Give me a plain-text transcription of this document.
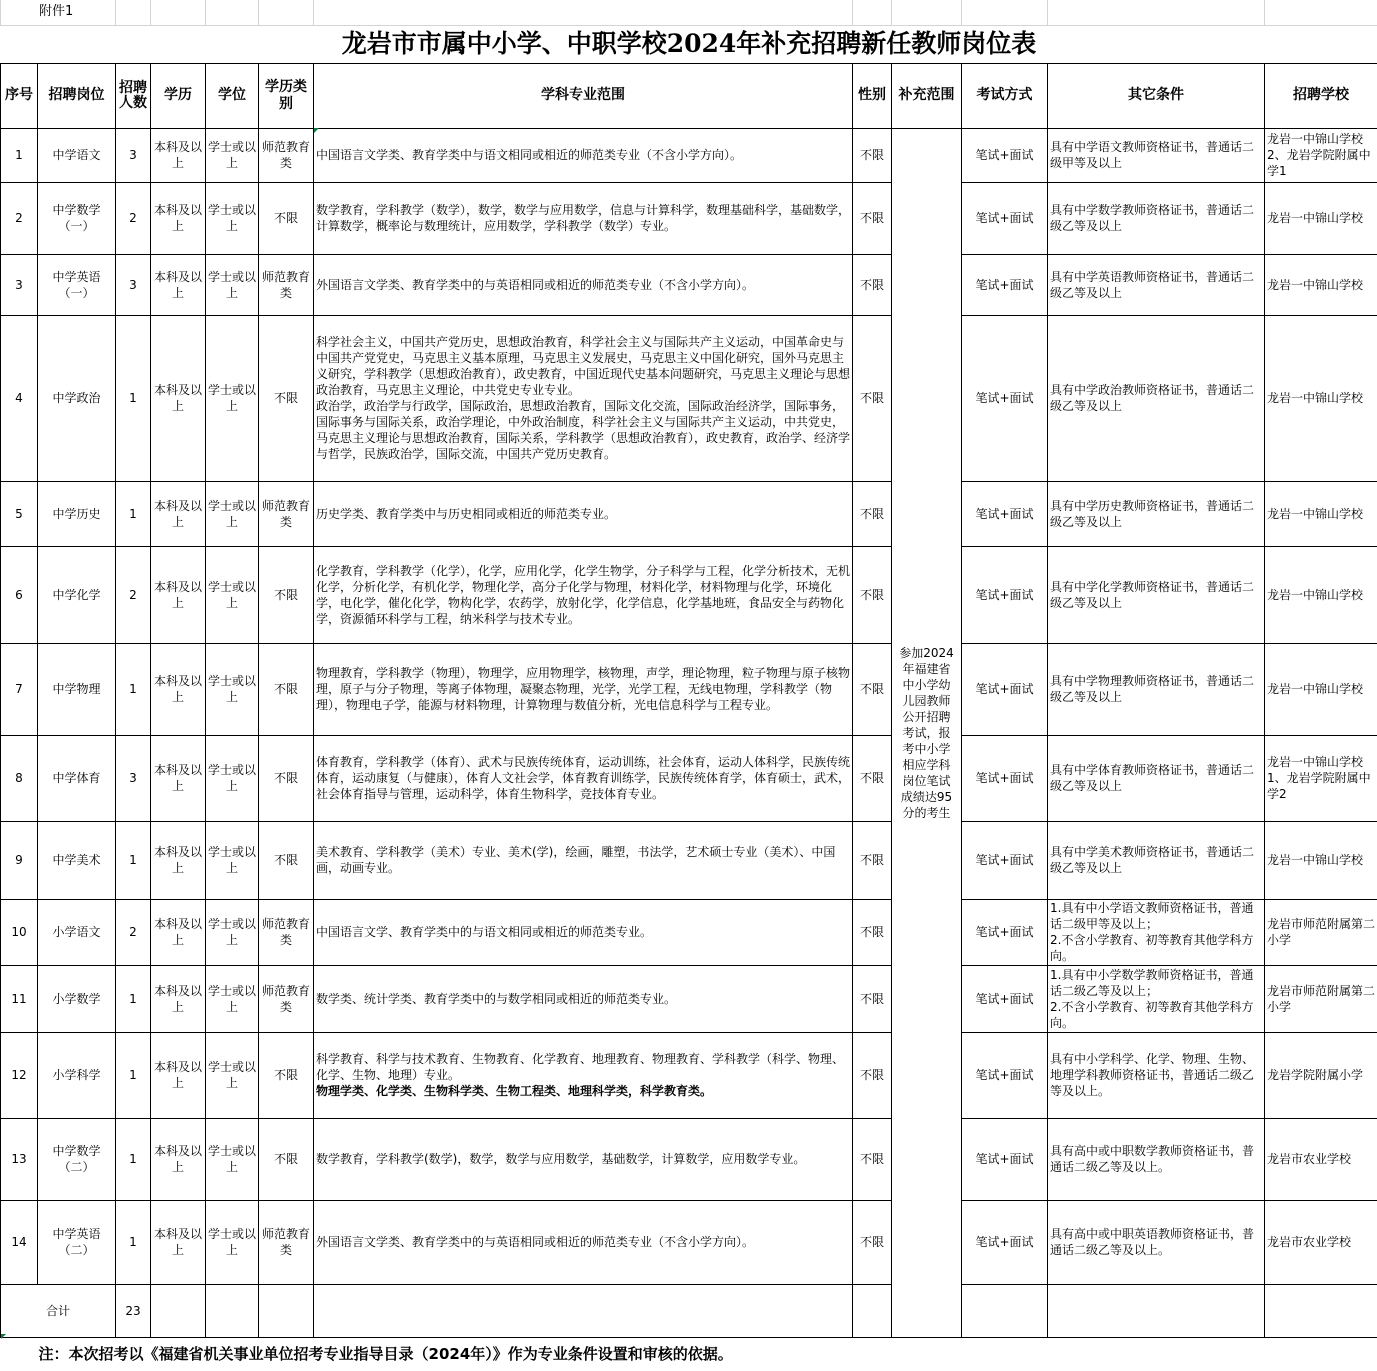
附件1											
龙岩市市属中小学、中职学校2024年补充招聘新任教师岗位表											
序号	招聘岗位	招聘人数	学历	学位	学历类别	学科专业范围	性别	补充范围	考试方式	其它条件	招聘学校
1	中学语文	3	本科及以上	学士或以上	师范教育类	中国语言文学类、教育学类中与语文相同或相近的师范类专业（不含小学方向）。	不限	参加2024年福建省中小学幼儿园教师公开招聘考试，报考中小学相应学科岗位笔试成绩达95分的考生	笔试+面试	具有中学语文教师资格证书，普通话二级甲等及以上	龙岩一中锦山学校2、龙岩学院附属中学1
2	中学数学（一）	2	本科及以上	学士或以上	不限	数学教育，学科教学（数学），数学，数学与应用数学，信息与计算科学，数理基础科学，基础数学，计算数学，概率论与数理统计，应用数学，学科教学（数学）专业。	不限		笔试+面试	具有中学数学教师资格证书，普通话二级乙等及以上	龙岩一中锦山学校
3	中学英语（一）	3	本科及以上	学士或以上	师范教育类	外国语言文学类、教育学类中的与英语相同或相近的师范类专业（不含小学方向）。	不限		笔试+面试	具有中学英语教师资格证书，普通话二级乙等及以上	龙岩一中锦山学校
4	中学政治	1	本科及以上	学士或以上	不限	科学社会主义，中国共产党历史，思想政治教育，科学社会主义与国际共产主义运动，中国革命史与中国共产党党史，马克思主义基本原理，马克思主义发展史，马克思主义中国化研究，国外马克思主义研究，学科教学（思想政治教育），政史教育，中国近现代史基本问题研究，马克思主义理论与思想政治教育，马克思主义理论，中共党史专业专业。
政治学，政治学与行政学，国际政治，思想政治教育，国际文化交流，国际政治经济学，国际事务，国际事务与国际关系，政治学理论，中外政治制度，科学社会主义与国际共产主义运动，中共党史，马克思主义理论与思想政治教育，国际关系，学科教学（思想政治教育），政史教育，政治学、经济学与哲学，民族政治学，国际交流，中国共产党历史教育。	不限		笔试+面试	具有中学政治教师资格证书，普通话二级乙等及以上	龙岩一中锦山学校
5	中学历史	1	本科及以上	学士或以上	师范教育类	历史学类、教育学类中与历史相同或相近的师范类专业。	不限		笔试+面试	具有中学历史教师资格证书，普通话二级乙等及以上	龙岩一中锦山学校
6	中学化学	2	本科及以上	学士或以上	不限	化学教育，学科教学（化学），化学，应用化学，化学生物学，分子科学与工程，化学分析技术，无机化学，分析化学，有机化学，物理化学，高分子化学与物理，材料化学，材料物理与化学，环境化学，电化学，催化化学，物构化学，农药学，放射化学，化学信息，化学基地班，食品安全与药物化学，资源循环科学与工程，纳米科学与技术专业。	不限		笔试+面试	具有中学化学教师资格证书，普通话二级乙等及以上	龙岩一中锦山学校
7	中学物理	1	本科及以上	学士或以上	不限	物理教育，学科教学（物理），物理学，应用物理学，核物理，声学，理论物理，粒子物理与原子核物理，原子与分子物理，等离子体物理，凝聚态物理，光学，光学工程，无线电物理，学科教学（物理），物理电子学，能源与材料物理，计算物理与数值分析，光电信息科学与工程专业。	不限		笔试+面试	具有中学物理教师资格证书，普通话二级乙等及以上	龙岩一中锦山学校
8	中学体育	3	本科及以上	学士或以上	不限	体育教育，学科教学（体育）、武术与民族传统体育，运动训练，社会体育，运动人体科学，民族传统体育，运动康复（与健康），体育人文社会学，体育教育训练学，民族传统体育学，体育硕士，武术，社会体育指导与管理，运动科学，体育生物科学，竞技体育专业。	不限		笔试+面试	具有中学体育教师资格证书，普通话二级乙等及以上	龙岩一中锦山学校1、龙岩学院附属中学2
9	中学美术	1	本科及以上	学士或以上	不限	美术教育、学科教学（美术）专业、美术(学)，绘画，雕塑，书法学，艺术硕士专业（美术）、中国画，动画专业。	不限		笔试+面试	具有中学美术教师资格证书，普通话二级乙等及以上	龙岩一中锦山学校
10	小学语文	2	本科及以上	学士或以上	师范教育类	中国语言文学、教育学类中的与语文相同或相近的师范类专业。	不限		笔试+面试	1.具有中小学语文教师资格证书，普通话二级甲等及以上；
2.不含小学教育、初等教育其他学科方向。	龙岩市师范附属第二小学
11	小学数学	1	本科及以上	学士或以上	师范教育类	数学类、统计学类、教育学类中的与数学相同或相近的师范类专业。	不限		笔试+面试	1.具有中小学数学教师资格证书，普通话二级乙等及以上；
2.不含小学教育、初等教育其他学科方向。	龙岩市师范附属第二小学
12	小学科学	1	本科及以上	学士或以上	不限	科学教育、科学与技术教育、生物教育、化学教育、地理教育、物理教育、学科教学（科学、物理、化学、生物、地理）专业。
物理学类、化学类、生物科学类、生物工程类、地理科学类，科学教育类。	不限		笔试+面试	具有中小学科学、化学、物理、生物、地理学科教师资格证书，普通话二级乙等及以上。	龙岩学院附属小学
13	中学数学（二）	1	本科及以上	学士或以上	不限	数学教育，学科教学(数学)，数学，数学与应用数学，基础数学，计算数学，应用数学专业。	不限		笔试+面试	具有高中或中职数学教师资格证书，普通话二级乙等及以上。	龙岩市农业学校
14	中学英语（二）	1	本科及以上	学士或以上	师范教育类	外国语言文学类、教育学类中的与英语相同或相近的师范类专业（不含小学方向）。	不限		笔试+面试	具有高中或中职英语教师资格证书，普通话二级乙等及以上。	龙岩市农业学校
合计		23									
注：本次招考以《福建省机关事业单位招考专业指导目录（2024年）》作为专业条件设置和审核的依据。											
